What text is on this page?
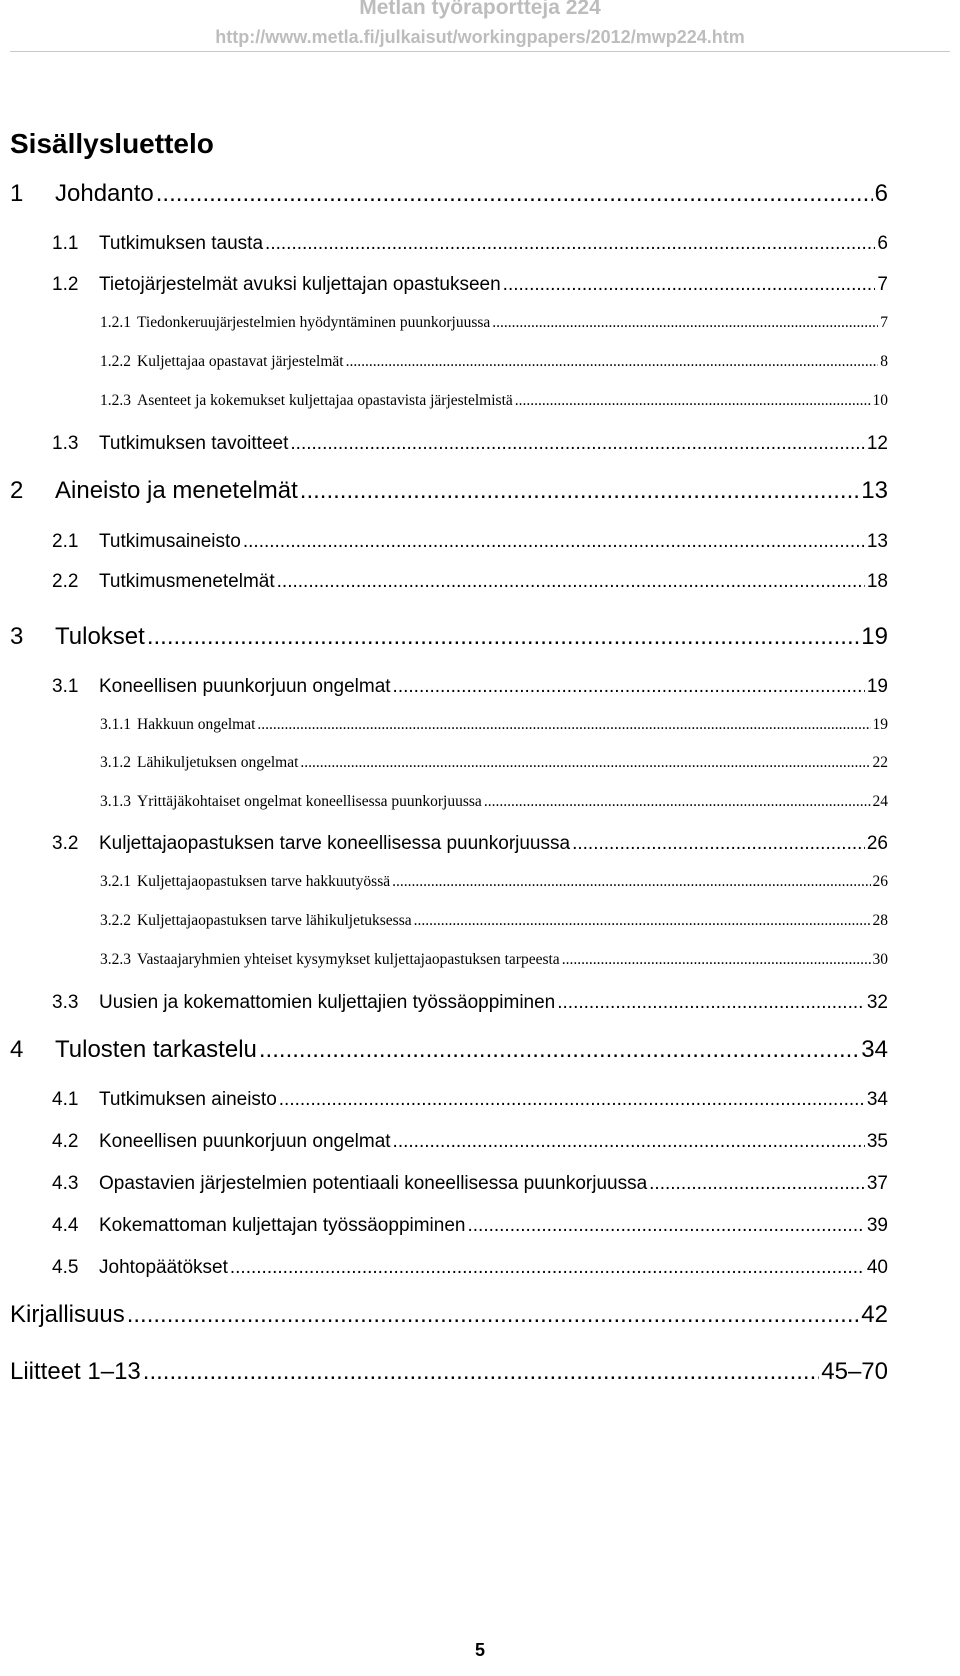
Metlan työraportteja 224
http://www.metla.fi/julkaisut/workingpapers/2012/mwp224.htm
Sisällysluettelo
1	Johdanto .....	6
1.1	Tutkimuksen tausta .....	6
1.2	Tietojärjestelmät avuksi kuljettajan opastukseen .....	7
1.2.1 Tiedonkeruujärjestelmien hyödyntäminen puunkorjuussa .....	7
1.2.2 Kuljettajaa opastavat järjestelmät .....	8
1.2.3 Asenteet ja kokemukset kuljettajaa opastavista järjestelmistä .....	10
1.3	Tutkimuksen tavoitteet .....	12
2	Aineisto ja menetelmät .....	13
2.1	Tutkimusaineisto .....	13
2.2	Tutkimusmenetelmät .....	18
3	Tulokset .....	19
3.1	Koneellisen puunkorjuun ongelmat .....	19
3.1.1 Hakkuun ongelmat .....	19
3.1.2 Lähikuljetuksen ongelmat .....	22
3.1.3 Yrittäjäkohtaiset ongelmat koneellisessa puunkorjuussa .....	24
3.2	Kuljettajaopastuksen tarve koneellisessa puunkorjuussa .....	26
3.2.1 Kuljettajaopastuksen tarve hakkuutyössä .....	26
3.2.2 Kuljettajaopastuksen tarve lähikuljetuksessa .....	28
3.2.3 Vastaajaryhmien yhteiset kysymykset kuljettajaopastuksen tarpeesta .....	30
3.3	Uusien ja kokemattomien kuljettajien työssäoppiminen .....	32
4	Tulosten tarkastelu .....	34
4.1	Tutkimuksen aineisto .....	34
4.2	Koneellisen puunkorjuun ongelmat .....	35
4.3	Opastavien järjestelmien potentiaali koneellisessa puunkorjuussa .....	37
4.4	Kokemattoman kuljettajan työssäoppiminen .....	39
4.5	Johtopäätökset .....	40
Kirjallisuus .....	42
Liitteet 1–13 .....	45–70
5
